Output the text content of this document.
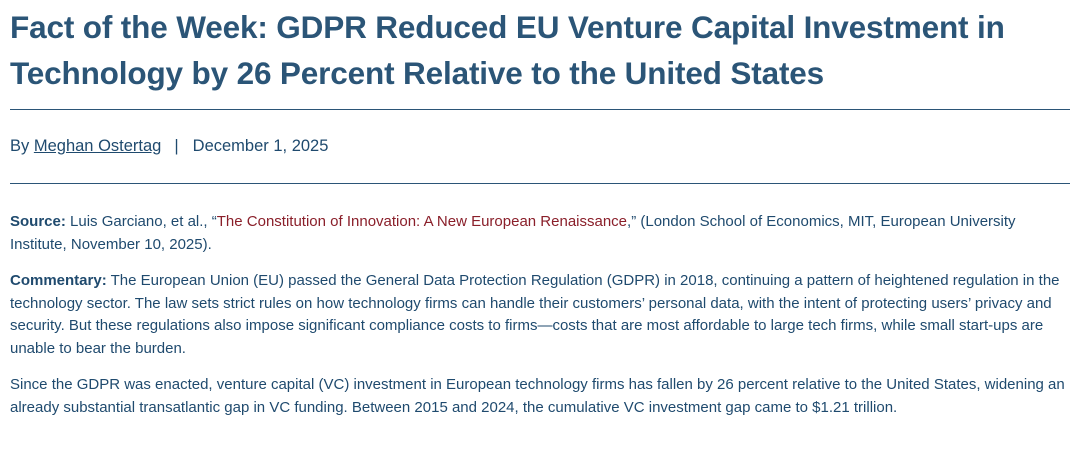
Fact of the Week: GDPR Reduced EU Venture Capital Investment in Technology by 26 Percent Relative to the United States
By
Meghan Ostertag | December 1, 2025

Source: Luis Garciano, et al., “The Constitution of Innovation: A New European Renaissance,” (London School of Economics, MIT, European University Institute, November 10, 2025).

Commentary: The European Union (EU) passed the General Data Protection Regulation (GDPR) in 2018, continuing a pattern of heightened regulation in the technology sector. The law sets strict rules on how technology firms can handle their customers’ personal data, with the intent of protecting users’ privacy and security. But these regulations also impose significant compliance costs to firms—costs that are most affordable to large tech firms, while small start-ups are unable to bear the burden.

Since the GDPR was enacted, venture capital (VC) investment in European technology firms has fallen by 26 percent relative to the United States, widening an already substantial transatlantic gap in VC funding. Between 2015 and 2024, the cumulative VC investment gap came to $1.21 trillion.
